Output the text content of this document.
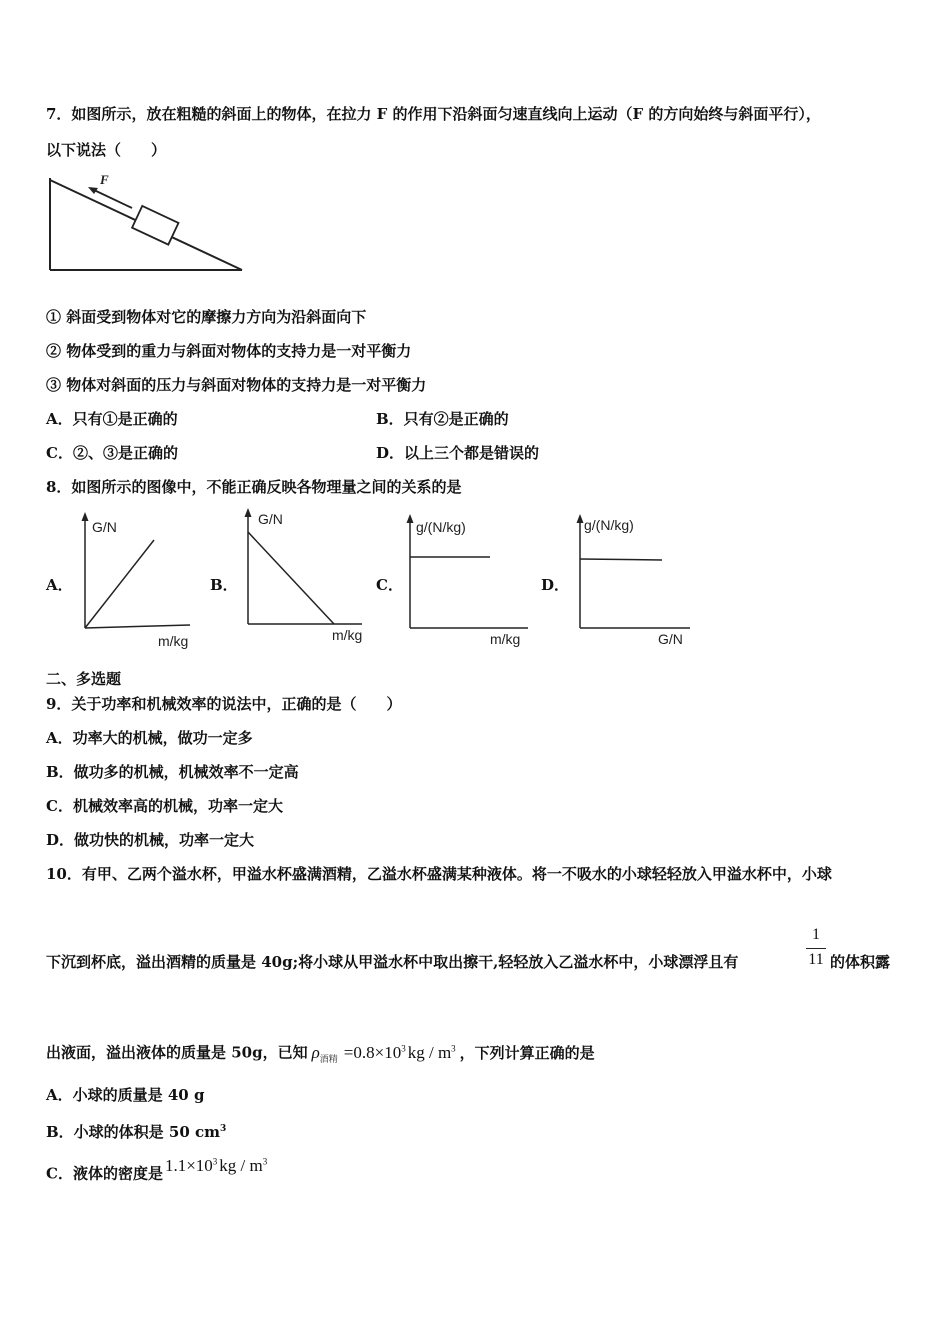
7．如图所示，放在粗糙的斜面上的物体，在拉力 F 的作用下沿斜面匀速直线向上运动（F 的方向始终与斜面平行），
以下说法（　　）
F
① 斜面受到物体对它的摩擦力方向为沿斜面向下
② 物体受到的重力与斜面对物体的支持力是一对平衡力
③ 物体对斜面的压力与斜面对物体的支持力是一对平衡力
A．只有①是正确的	B．只有②是正确的
C．②、③是正确的	D．以上三个都是错误的
8．如图所示的图像中，不能正确反映各物理量之间的关系的是
A．	B．	C．	D．
G/N
m/kg
G/N
m/kg
g/(N/kg)
m/kg
g/(N/kg)
G/N
二、多选题
9．关于功率和机械效率的说法中，正确的是（　　）
A．功率大的机械，做功一定多
B．做功多的机械，机械效率不一定高
C．机械效率高的机械，功率一定大
D．做功快的机械，功率一定大
10．有甲、乙两个溢水杯，甲溢水杯盛满酒精，乙溢水杯盛满某种液体。将一不吸水的小球轻轻放入甲溢水杯中，小球
下沉到杯底，溢出酒精的质量是 40g;将小球从甲溢水杯中取出擦干,轻轻放入乙溢水杯中，小球漂浮且有
1
11 的体积露
出液面，溢出液体的质量是 50g，已知 $\rho_{酒精} =0.8\times 10^3$ kg / $m^3$ ，下列计算正确的是
A．小球的质量是 40 g
B．小球的体积是 50 $cm^3$
C．液体的密度是 $1.1\times 10^3$ kg / $m^3$
